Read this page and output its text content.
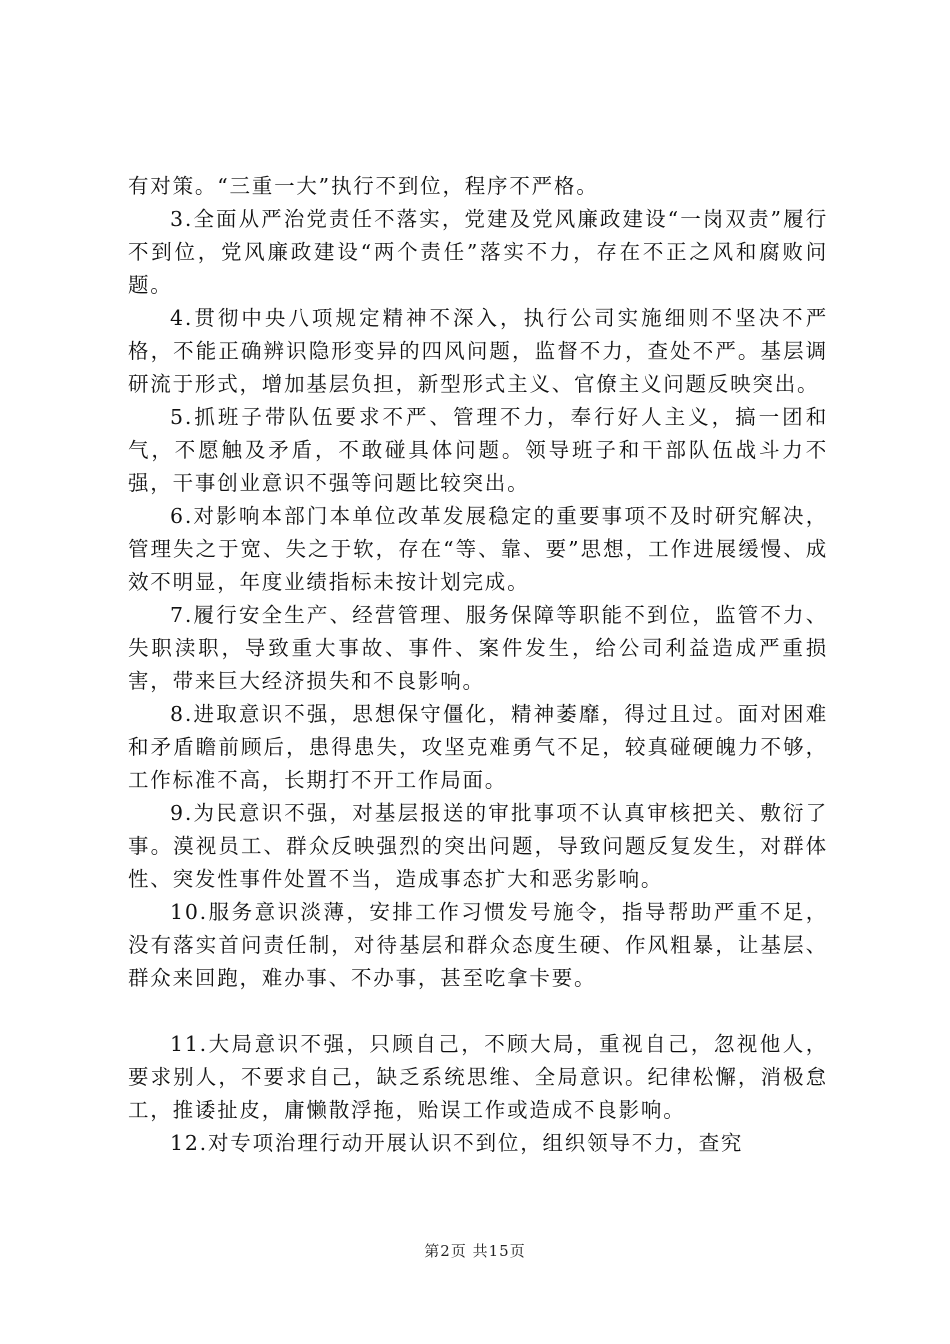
有对策。“三重一大”执行不到位，程序不严格。

3.全面从严治党责任不落实，党建及党风廉政建设“一岗双责”履行不到位，党风廉政建设“两个责任”落实不力，存在不正之风和腐败问题。

4.贯彻中央八项规定精神不深入，执行公司实施细则不坚决不严格，不能正确辨识隐形变异的四风问题，监督不力，查处不严。基层调研流于形式，增加基层负担，新型形式主义、官僚主义问题反映突出。

5.抓班子带队伍要求不严、管理不力，奉行好人主义，搞一团和气，不愿触及矛盾，不敢碰具体问题。领导班子和干部队伍战斗力不强，干事创业意识不强等问题比较突出。

6.对影响本部门本单位改革发展稳定的重要事项不及时研究解决，管理失之于宽、失之于软，存在“等、靠、要”思想，工作进展缓慢、成效不明显，年度业绩指标未按计划完成。

7.履行安全生产、经营管理、服务保障等职能不到位，监管不力、失职渎职，导致重大事故、事件、案件发生，给公司利益造成严重损害，带来巨大经济损失和不良影响。

8.进取意识不强，思想保守僵化，精神萎靡，得过且过。面对困难和矛盾瞻前顾后，患得患失，攻坚克难勇气不足，较真碰硬魄力不够，工作标准不高，长期打不开工作局面。

9.为民意识不强，对基层报送的审批事项不认真审核把关、敷衍了事。漠视员工、群众反映强烈的突出问题，导致问题反复发生，对群体性、突发性事件处置不当，造成事态扩大和恶劣影响。

10.服务意识淡薄，安排工作习惯发号施令，指导帮助严重不足，没有落实首问责任制，对待基层和群众态度生硬、作风粗暴，让基层、群众来回跑，难办事、不办事，甚至吃拿卡要。

11.大局意识不强，只顾自己，不顾大局，重视自己，忽视他人，要求别人，不要求自己，缺乏系统思维、全局意识。纪律松懈，消极怠工，推诿扯皮，庸懒散浮拖，贻误工作或造成不良影响。

12.对专项治理行动开展认识不到位，组织领导不力，查究

第2页 共15页
